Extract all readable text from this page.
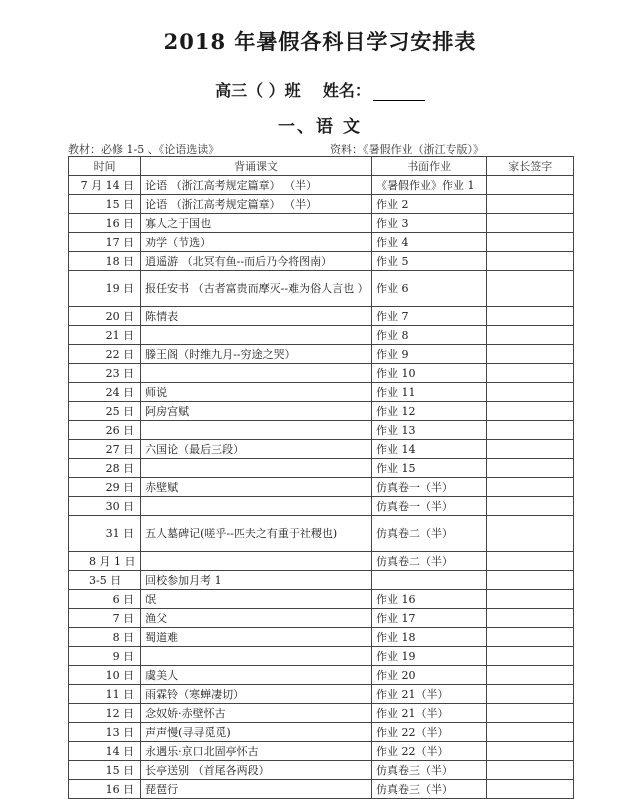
2018 年暑假各科目学习安排表
高三（ ）班 姓名：
一、语 文
教材：必修 1-5 、《论语选读》	资料：《暑假作业（浙江专版）》
时间	背诵课文	书面作业	家长签字
7 月 14 日	论语 （浙江高考规定篇章） （半）	《暑假作业》作业 1	
15 日	论语 （浙江高考规定篇章） （半）	作业 2	
16 日	寡人之于国也	作业 3	
17 日	劝学（节选）	作业 4	
18 日	逍遥游 （北冥有鱼--而后乃今将图南）	作业 5	
19 日	报任安书 （古者富贵而摩灭--难为俗人言也 ）	作业 6	
20 日	陈情表	作业 7	
21 日		作业 8	
22 日	滕王阁（时维九月--穷途之哭）	作业 9	
23 日		作业 10	
24 日	师说	作业 11	
25 日	阿房宫赋	作业 12	
26 日		作业 13	
27 日	六国论（最后三段）	作业 14	
28 日		作业 15	
29 日	赤壁赋	仿真卷一（半）	
30 日		仿真卷一（半）	
31 日	五人墓碑记(嗟乎--匹夫之有重于社稷也)	仿真卷二（半）	
8 月 1 日		仿真卷二（半）	
3-5 日	回校参加月考 1		
6 日	氓	作业 16	
7 日	渔父	作业 17	
8 日	蜀道难	作业 18	
9 日		作业 19	
10 日	虞美人	作业 20	
11 日	雨霖铃（寒蝉凄切）	作业 21（半）	
12 日	念奴娇·赤壁怀古	作业 21（半）	
13 日	声声慢(寻寻觅觅)	作业 22（半）	
14 日	永遇乐·京口北固亭怀古	作业 22（半）	
15 日	长亭送别 （首尾各两段）	仿真卷三（半）	
16 日	琵琶行	仿真卷三（半）	
